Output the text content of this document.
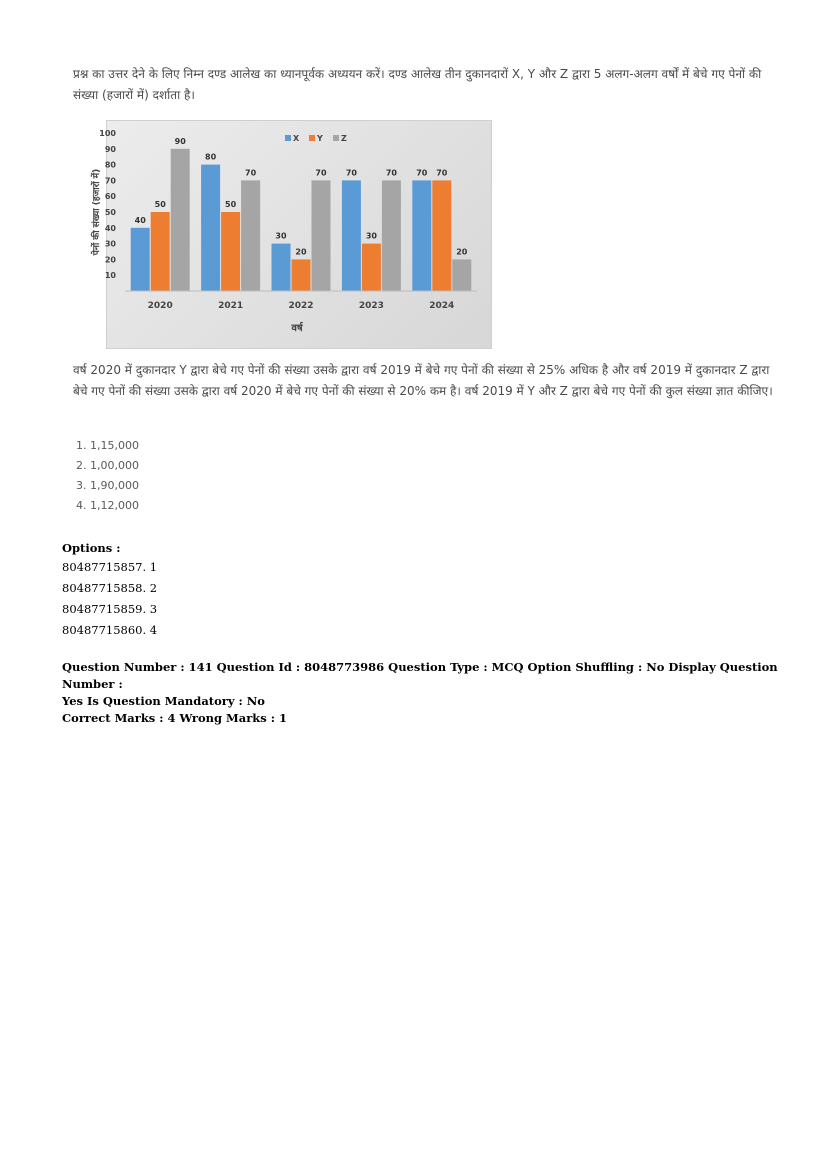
प्रश्न का उत्तर देने के लिए निम्न दण्ड आलेख का ध्यानपूर्वक अध्ययन करें। दण्ड आलेख तीन दुकानदारों X, Y और Z द्वारा 5 अलग-अलग वर्षों में बेचे गए पेनों की संख्या (हजारों में) दर्शाता है।

10
20
30
40
50
60
70
80
90
100
40
50
90
80
50
70
30
20
70 70
30
70 70 70
20
2020	2021	2022	2023	2024
X Y Z
वर्ष
पेनों की संख्या (हजारों में)

वर्ष 2020 में दुकानदार Y द्वारा बेचे गए पेनों की संख्या उसके द्वारा वर्ष 2019 में बेचे गए पेनों की संख्या से 25% अधिक है और वर्ष 2019 में दुकानदार Z द्वारा बेचे गए पेनों की संख्या उसके द्वारा वर्ष 2020 में बेचे गए पेनों की संख्या से 20% कम है। वर्ष 2019 में Y और Z द्वारा बेचे गए पेनों की कुल संख्या ज्ञात कीजिए।

1. 1,15,000
2. 1,00,000
3. 1,90,000
4. 1,12,000
Options :
80487715857. 1
80487715858. 2
80487715859. 3
80487715860. 4
Question Number : 141 Question Id : 8048773986 Question Type : MCQ Option Shuffling : No Display Question Number :
Yes Is Question Mandatory : No
Correct Marks : 4 Wrong Marks : 1
